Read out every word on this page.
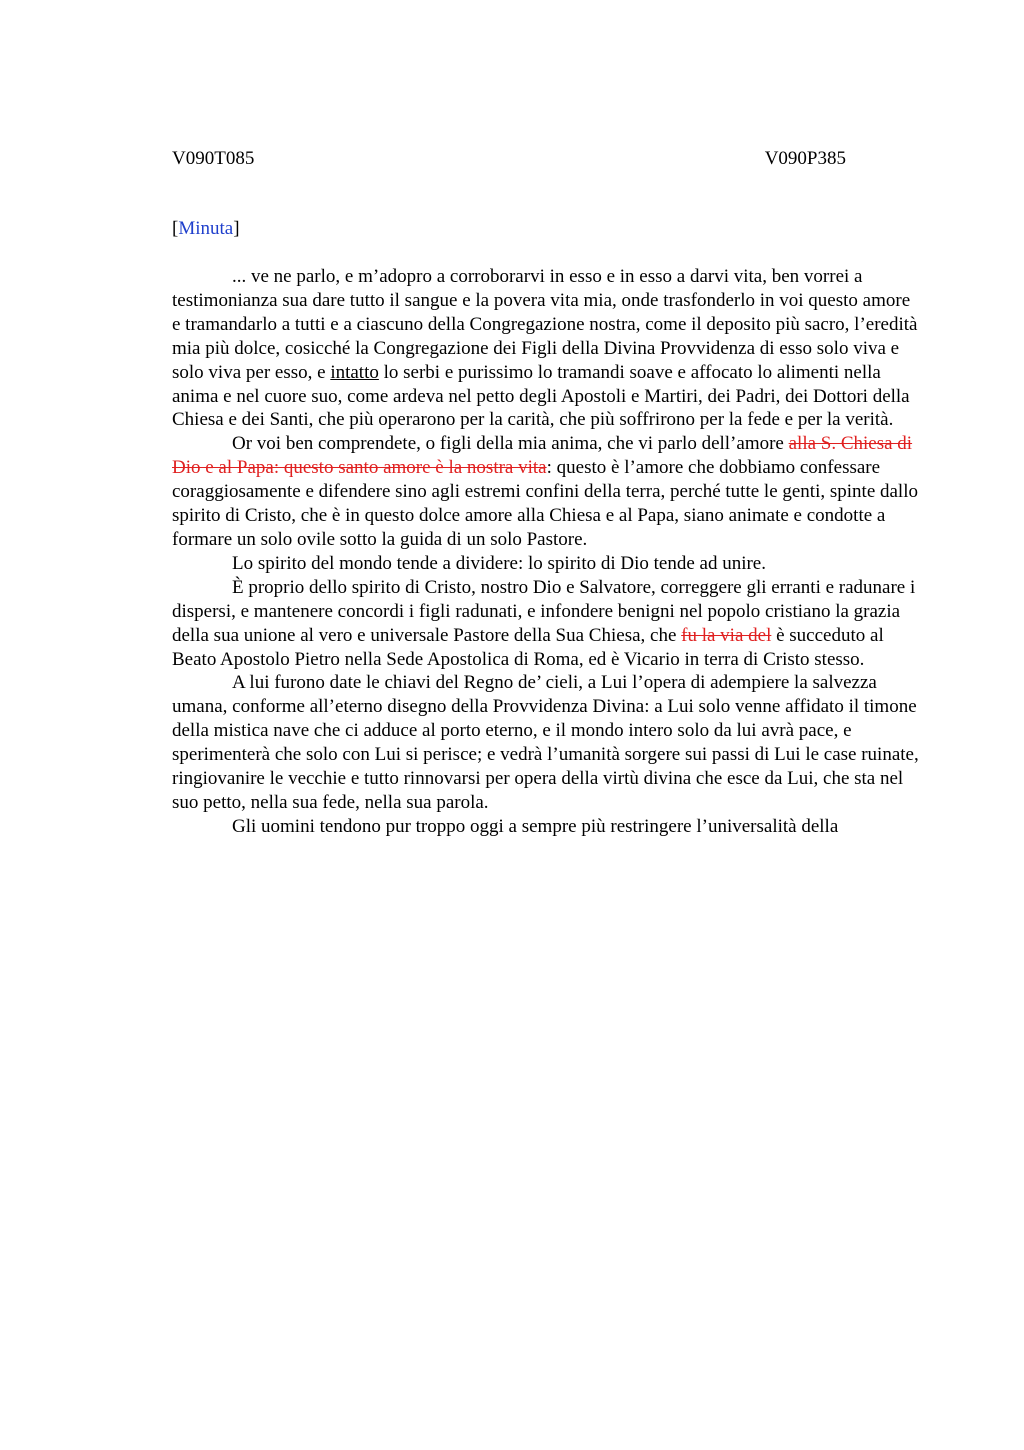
V090T085	V090P385
[Minuta]

... ve ne parlo, e m’adopro a corroborarvi in esso e in esso a darvi vita, ben vorrei a testimonianza sua dare tutto il sangue e la povera vita mia, onde trasfonderlo in voi questo amore e tramandarlo a tutti e a ciascuno della Congregazione nostra, come il deposito più sacro, l’eredità mia più dolce, cosicché la Congregazione dei Figli della Divina Provvidenza di esso solo viva e solo viva per esso, e intatto lo serbi e purissimo lo tramandi soave e affocato lo alimenti nella anima e nel cuore suo, come ardeva nel petto degli Apostoli e Martiri, dei Padri, dei Dottori della Chiesa e dei Santi, che più operarono per la carità, che più soffrirono per la fede e per la verità.

Or voi ben comprendete, o figli della mia anima, che vi parlo dell’amore alla S. Chiesa di Dio e al Papa: questo santo amore è la nostra vita: questo è l’amore che dobbiamo confessare coraggiosamente e difendere sino agli estremi confini della terra, perché tutte le genti, spinte dallo spirito di Cristo, che è in questo dolce amore alla Chiesa e al Papa, siano animate e condotte a formare un solo ovile sotto la guida di un solo Pastore.

Lo spirito del mondo tende a dividere: lo spirito di Dio tende ad unire.

È proprio dello spirito di Cristo, nostro Dio e Salvatore, correggere gli erranti e radunare i dispersi, e mantenere concordi i figli radunati, e infondere benigni nel popolo cristiano la grazia della sua unione al vero e universale Pastore della Sua Chiesa, che fu la via del è succeduto al Beato Apostolo Pietro nella Sede Apostolica di Roma, ed è Vicario in terra di Cristo stesso.

A lui furono date le chiavi del Regno de’ cieli, a Lui l’opera di adempiere la salvezza umana, conforme all’eterno disegno della Provvidenza Divina: a Lui solo venne affidato il timone della mistica nave che ci adduce al porto eterno, e il mondo intero solo da lui avrà pace, e sperimenterà che solo con Lui si perisce; e vedrà l’umanità sorgere sui passi di Lui le case ruinate, ringiovanire le vecchie e tutto rinnovarsi per opera della virtù divina che esce da Lui, che sta nel suo petto, nella sua fede, nella sua parola.

Gli uomini tendono pur troppo oggi a sempre più restringere l’universalità della
